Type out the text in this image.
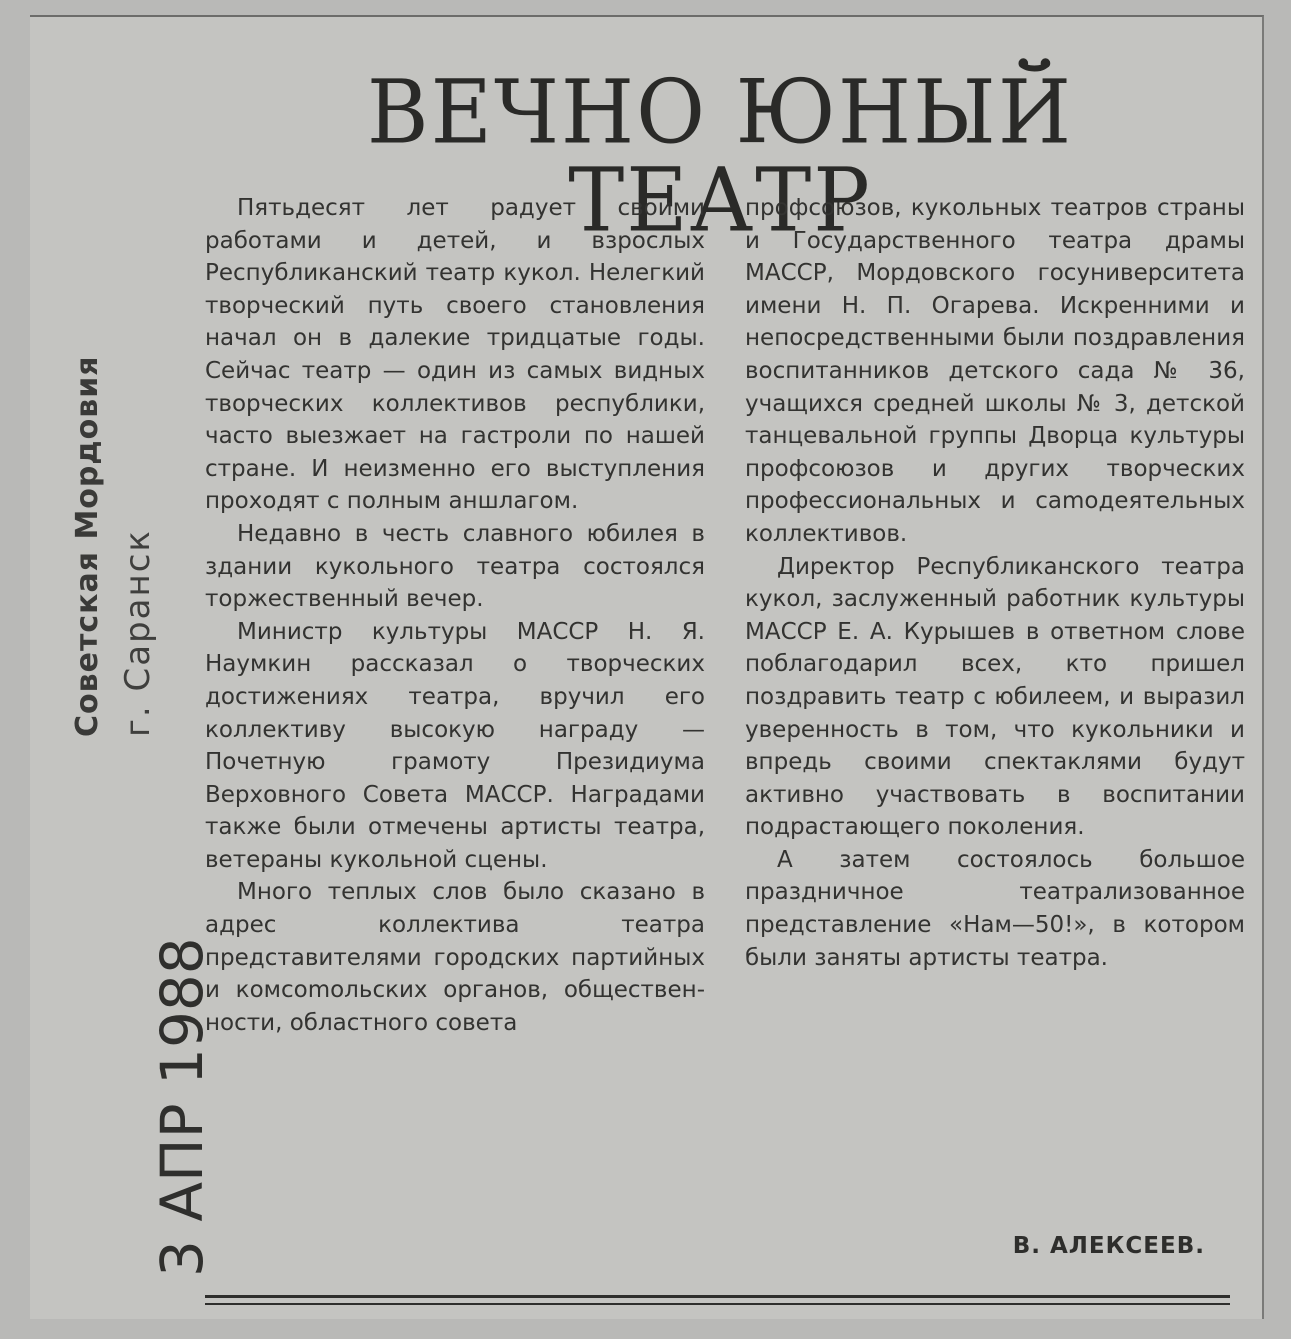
Советская Мордовия г. Саранск
3 АПР 1988
ВЕЧНО ЮНЫЙ ТЕАТР

Пятьдесят лет радует своими работами и детей, и взрослых Республиканский театр кукол. Нелегкий творческий путь своего становления начал он в далекие тридцатые годы. Сейчас театр — один из самых видных творческих коллективов республики, часто выезжает на гастроли по нашей стране. И неизменно его выступления проходят с полным аншлагом.

Недавно в честь славного юбилея в здании кукольного театра состоялся торжественный вечер.

Министр культуры МАССР Н. Я. Наумкин рассказал о творческих достижениях театра, вручил его коллективу высокую награду — Почетную грамоту Президиума Верховного Совета МАССР. Наградами также были отмечены артисты театра, ветераны кукольной сцены.

Много теплых слов было сказано в адрес коллектива театра представителями городских партийных и комсоmольских органов, общественности, областного совета

профсоюзов, кукольных театров страны и Государственного театра драмы МАССР, Мордовского госуниверситета имени Н. П. Огарева. Искренними и непосредственными были поздравления воспитанников детского сада № 36, учащихся средней школы № 3, детской танцевальной группы Дворца культуры профсоюзов и других творческих профессиональных и саmодеятельных коллективов.

Директор Республиканского театра кукол, заслуженный работник культуры МАССР Е. А. Курышев в ответном слове поблагодарил всех, кто пришел поздравить театр с юбилеем, и выразил уверенность в том, что кукольники и впредь своими спектаклями будут активно участвовать в воспитании подрастающего поколения.

А затем состоялось большое праздничное театрализованное представление «Нам—50!», в котором были заняты артисты театра.

В. АЛЕКСЕЕВ.
